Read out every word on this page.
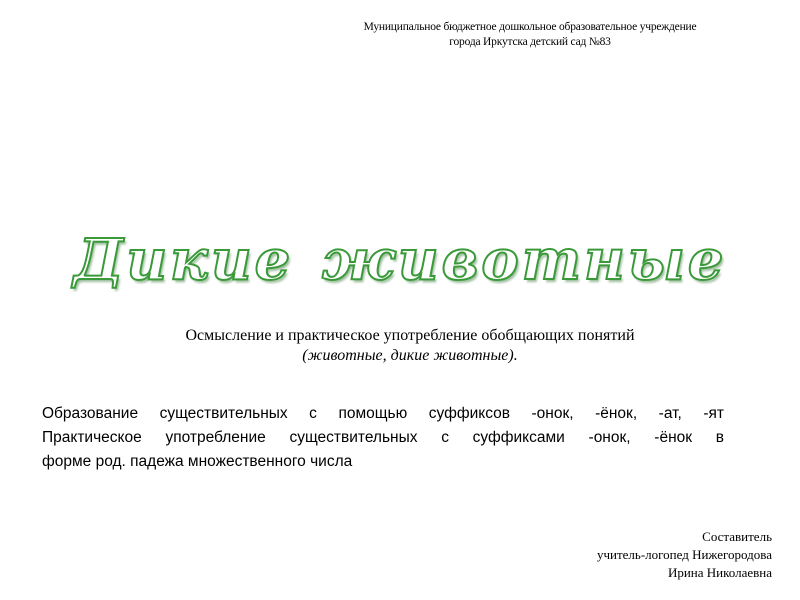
Муниципальное бюджетное дошкольное образовательное учреждение
города Иркутска детский сад №83
Дикие животные
Осмысление и практическое употребление обобщающих понятий
(животные, дикие животные).
Образование существительных с помощью суффиксов -онок, -ёнок, -ат, -ят
Практическое употребление существительных с суффиксами -онок, -ёнок в
форме род. падежа множественного числа
Составитель
учитель-логопед Нижегородова
Ирина Николаевна
